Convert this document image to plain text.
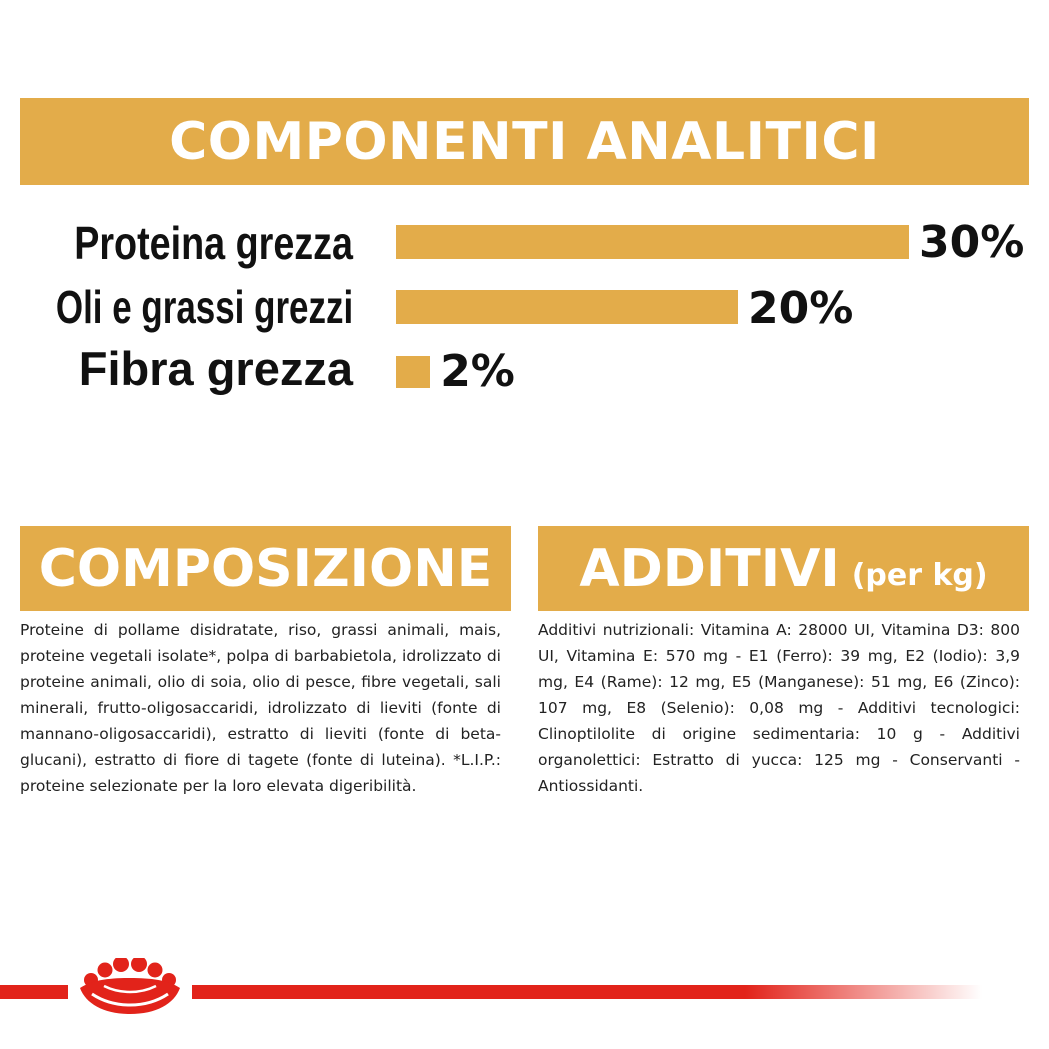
COMPONENTI ANALITICI
Proteina grezza	30%
Oli e grassi grezzi	20%
Fibra grezza 2%
COMPOSIZIONE
Proteine di pollame disidratate, riso, grassi animali, mais, proteine vegetali isolate*, polpa di barbabietola, idrolizzato di proteine animali, olio di soia, olio di pesce, fibre vegetali, sali minerali, frutto-oligosaccaridi, idrolizzato di lieviti (fonte di mannano-oligosaccaridi), estratto di lieviti (fonte di beta-glucani), estratto di fiore di tagete (fonte di luteina). *L.I.P.: proteine selezionate per la loro elevata digeribilità.
ADDITIVI (per kg)
Additivi nutrizionali: Vitamina A: 28000 UI, Vitamina D3: 800 UI, Vitamina E: 570 mg - E1 (Ferro): 39 mg, E2 (Iodio): 3,9 mg, E4 (Rame): 12 mg, E5 (Manganese): 51 mg, E6 (Zinco): 107 mg, E8 (Selenio): 0,08 mg - Additivi tecnologici: Clinoptilolite di origine sedimentaria: 10 g - Additivi organolettici: Estratto di yucca: 125 mg - Conservanti - Antiossidanti.
